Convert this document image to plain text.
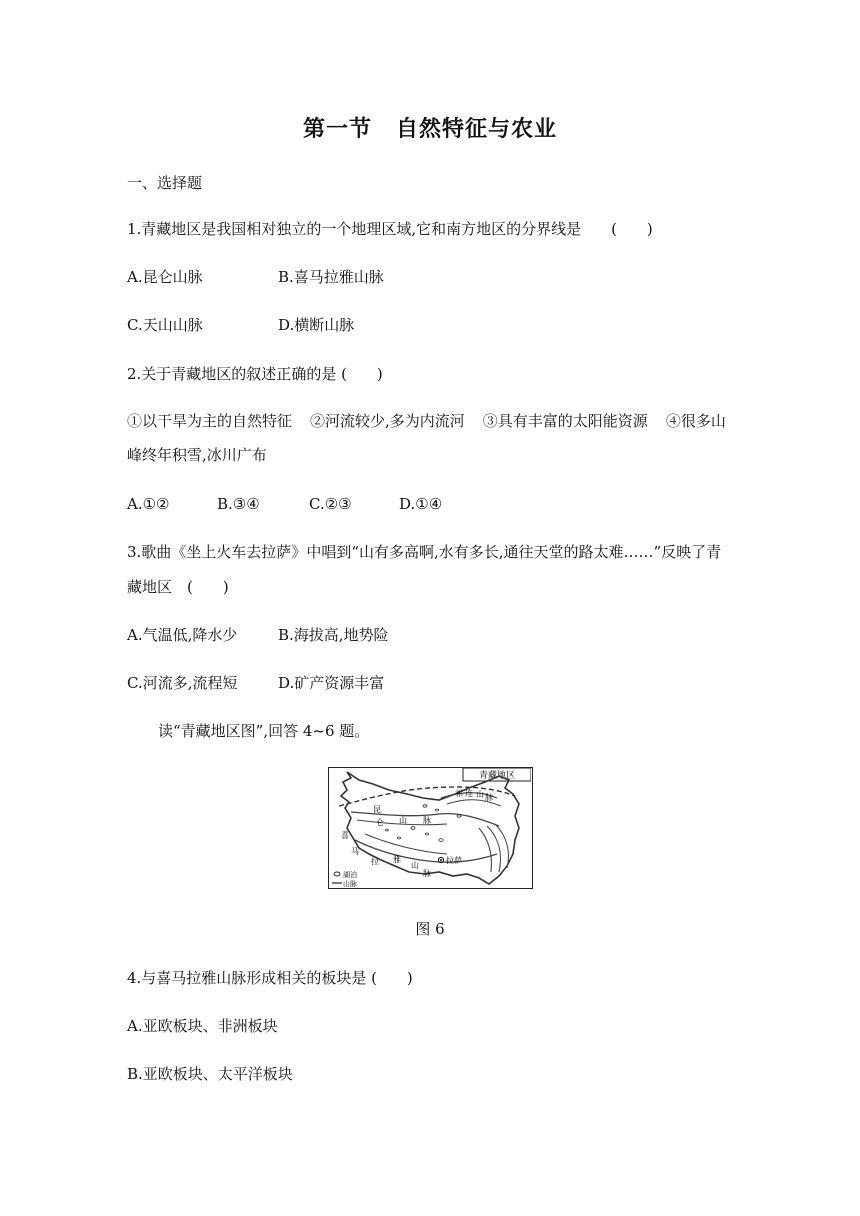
第一节 自然特征与农业
一、选择题
1.青藏地区是我国相对独立的一个地理区域,它和南方地区的分界线是　　(　　)
A.昆仑山脉	B.喜马拉雅山脉
C.天山山脉	D.横断山脉
2.关于青藏地区的叙述正确的是 (　　)
①以干旱为主的自然特征 ②河流较少,多为内流河 ③具有丰富的太阳能资源 ④很多山峰终年积雪,冰川广布
A.①②	B.③④	C.②③	D.①④
3.歌曲《坐上火车去拉萨》中唱到“山有多高啊,水有多长,通往天堂的路太难……”反映了青
藏地区　(　　)
A.气温低,降水少	B.海拔高,地势险
C.河流多,流程短	D.矿产资源丰富
读“青藏地区图”,回答 4~6 题。
青藏地区
祁 连 山 脉
昆
仑 山 脉
喜
马
拉 雅
山
脉
拉萨
湖泊
山脉
图 6
4.与喜马拉雅山脉形成相关的板块是 (　　)
A.亚欧板块、非洲板块
B.亚欧板块、太平洋板块
